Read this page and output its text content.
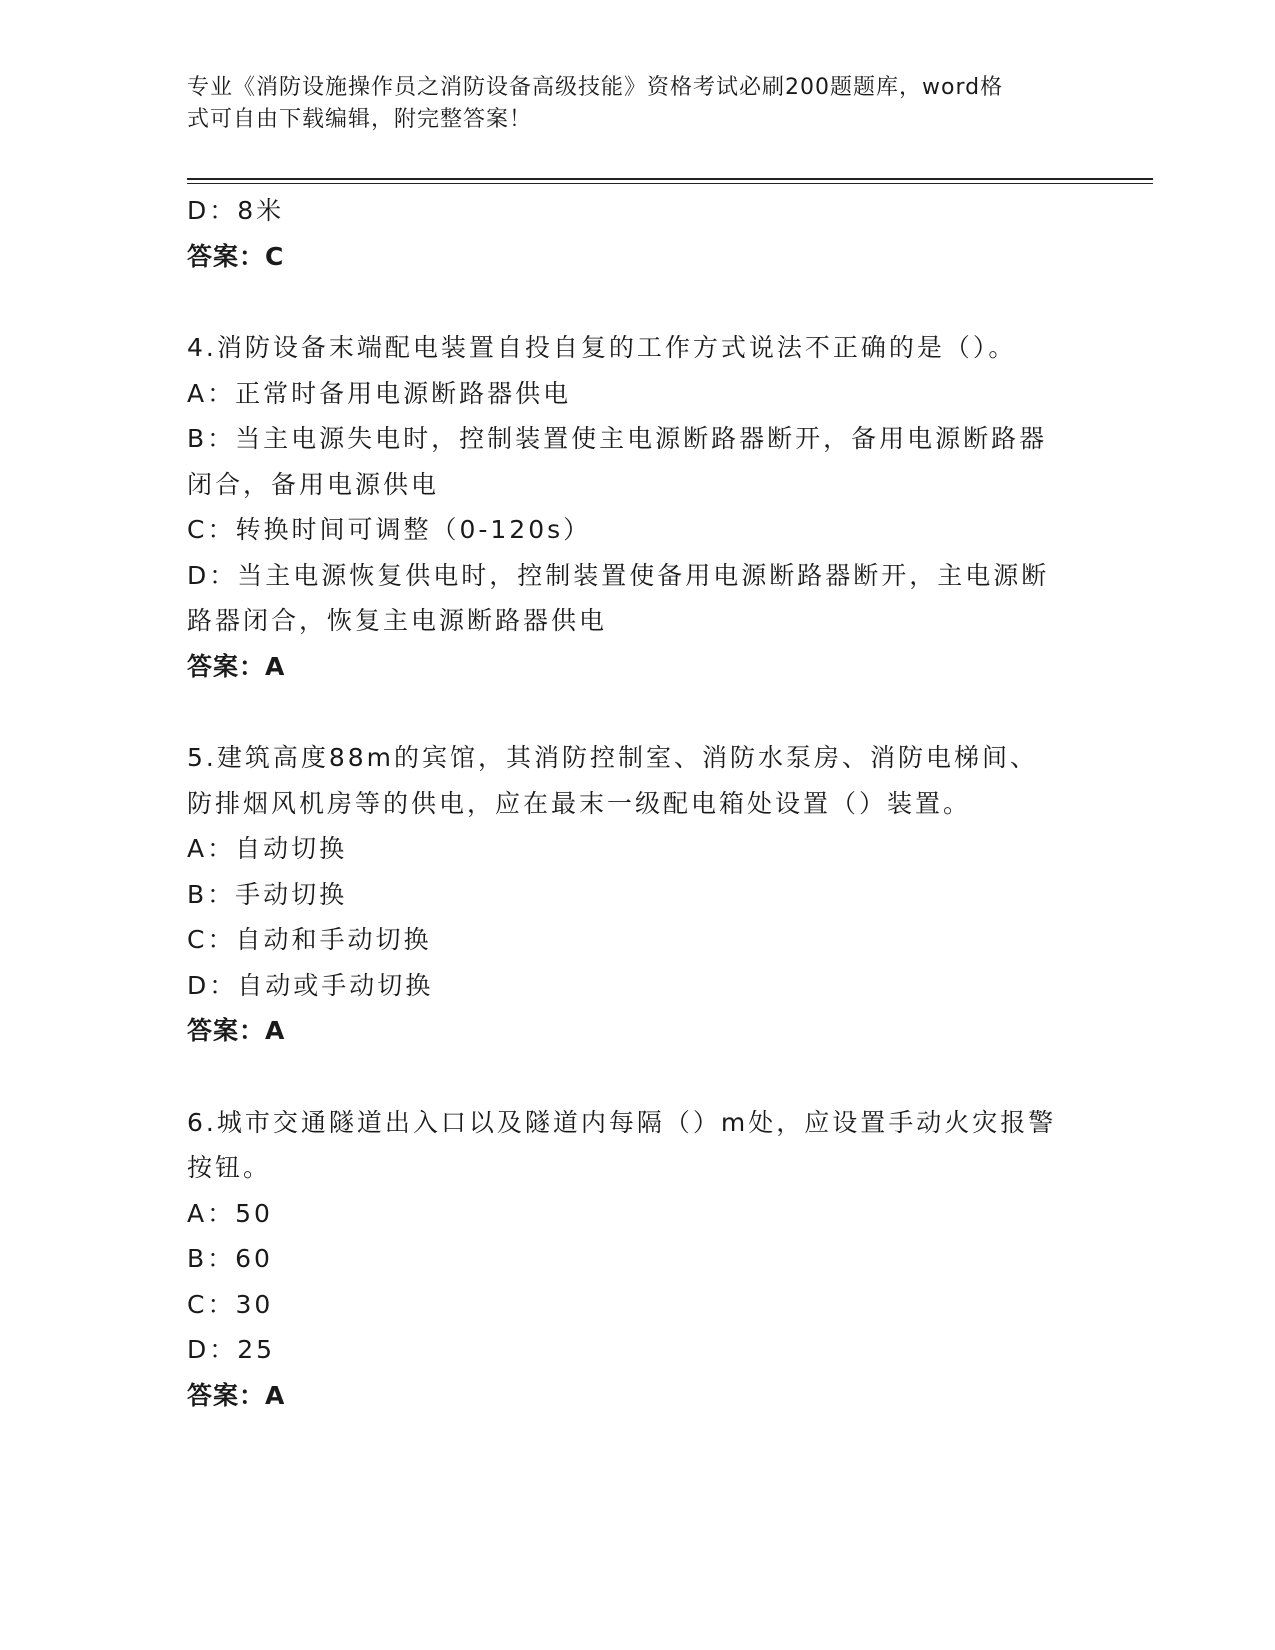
专业《消防设施操作员之消防设备高级技能》资格考试必刷200题题库，word格
式可自由下载编辑，附完整答案！
D：8米
答案：C
4.消防设备末端配电装置自投自复的工作方式说法不正确的是（）。
A：正常时备用电源断路器供电
B：当主电源失电时，控制装置使主电源断路器断开，备用电源断路器
闭合，备用电源供电
C：转换时间可调整（0-120s）
D：当主电源恢复供电时，控制装置使备用电源断路器断开，主电源断
路器闭合，恢复主电源断路器供电
答案：A
5.建筑高度88m的宾馆，其消防控制室、消防水泵房、消防电梯间、
防排烟风机房等的供电，应在最末一级配电箱处设置（）装置。
A：自动切换
B：手动切换
C：自动和手动切换
D：自动或手动切换
答案：A
6.城市交通隧道出入口以及隧道内每隔（）m处，应设置手动火灾报警
按钮。
A：50
B：60
C：30
D：25
答案：A
